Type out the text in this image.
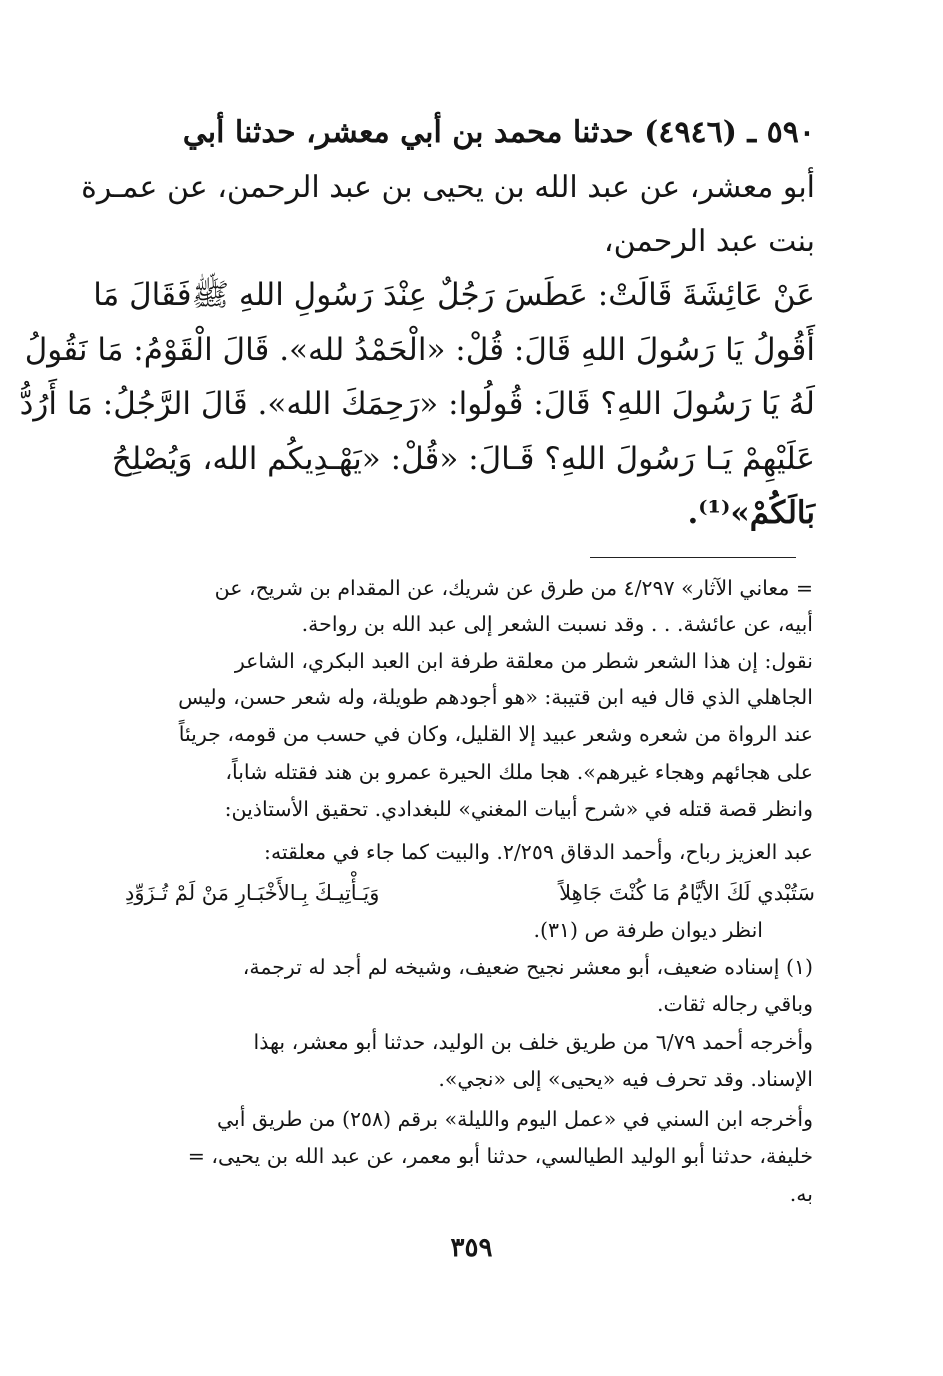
٥٩٠ ـ (٤٩٤٦) حدثنا محمد بن أبي معشر، حدثنا أبي
أبو معشر، عن عبد الله بن يحيى بن عبد الرحمن، عن عمـرة
بنت عبد الرحمن،
عَنْ عَائِشَةَ قَالَتْ: عَطَسَ رَجُلٌ عِنْدَ رَسُولِ اللهِ ﷺفَقَالَ مَا
أَقُولُ يَا رَسُولَ اللهِ قَالَ: قُلْ: «الْحَمْدُ لله». قَالَ الْقَوْمُ: مَا نَقُولُ
لَهُ يَا رَسُولَ اللهِ؟ قَالَ: قُولُوا: «رَحِمَكَ الله». قَالَ الرَّجُلُ: مَا أَرُدُّ
عَلَيْهِمْ يَـا رَسُولَ اللهِ؟ قَـالَ: «قُلْ: «يَهْـدِيكُم الله، وَيُصْلِحُ
بَالَكُمْ»⁽¹⁾.
= معاني الآثار» ٤/٢٩٧ من طرق عن شريك، عن المقدام بن شريح، عن
أبيه، عن عائشة. . . وقد نسبت الشعر إلى عبد الله بن رواحة.
نقول: إن هذا الشعر شطر من معلقة طرفة ابن العبد البكري، الشاعر
الجاهلي الذي قال فيه ابن قتيبة: «هو أجودهم طويلة، وله شعر حسن، وليس
عند الرواة من شعره وشعر عبيد إلا القليل، وكان في حسب من قومه، جريئاً
على هجائهم وهجاء غيرهم». هجا ملك الحيرة عمرو بن هند فقتله شاباً،
وانظر قصة قتله في «شرح أبيات المغني» للبغدادي. تحقيق الأستاذين:
عبد العزيز رباح، وأحمد الدقاق ٢/٢٥٩. والبيت كما جاء في معلقته:
سَتُبْدي لَكَ الأيَّامُ مَا كُنْتَ جَاهِلاً
وَيَـأْتِيـكَ بِـالأَخْبَـارِ مَنْ لَمْ تُـزَوِّدِ
انظر ديوان طرفة ص (٣١).
(١) إسناده ضعيف، أبو معشر نجيح ضعيف، وشيخه لم أجد له ترجمة،
وباقي رجاله ثقات.
وأخرجه أحمد ٦/٧٩ من طريق خلف بن الوليد، حدثنا أبو معشر، بهذا
الإسناد. وقد تحرف فيه «يحيى» إلى «نجي».
وأخرجه ابن السني في «عمل اليوم والليلة» برقم (٢٥٨) من طريق أبي
خليفة، حدثنا أبو الوليد الطيالسي، حدثنا أبو معمر، عن عبد الله بن يحيى، =
به.
٣٥٩
